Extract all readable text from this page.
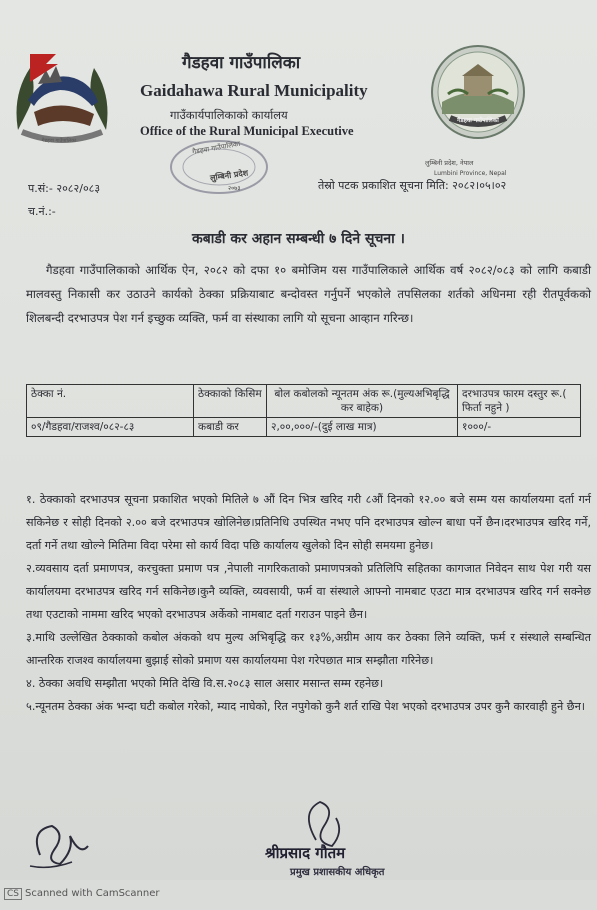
गैडहवा गाउँपालिका
गैडहवा गाउँपालिका
गैडहवा गाउँपालिका
Gaidahawa Rural Municipality
गाउँकार्यपालिकाको कार्यालय
Office of the Rural Municipal Executive
गैडहवा गाउँपालिका
लुम्बिनी प्रदेश
२०७३
लुम्बिनी प्रदेश, नेपाल
Lumbini Province, Nepal
प.सं:- २०८२/०८३	तेस्रो पटक प्रकाशित सूचना मिति: २०८२।०५।०२
च.नं.:-
कबाडी कर अहान सम्बन्धी ७ दिने सूचना ।
गैडहवा गाउँपालिकाको आर्थिक ऐन, २०८२ को दफा १० बमोजिम यस गाउँपालिकाले आर्थिक वर्ष २०८२/०८३ को लागि कबाडी मालवस्तु निकासी कर उठाउने कार्यको ठेक्का प्रक्रियाबाट बन्दोवस्त गर्नुपर्ने भएकोले तपसिलका शर्तको अधिनमा रही रीतपूर्वकको शिलबन्दी दरभाउपत्र पेश गर्न इच्छुक व्यक्ति, फर्म वा संस्थाका लागि यो सूचना आव्हान गरिन्छ।
ठेक्का नं.	ठेक्काको किसिम	बोल कबोलको न्यूनतम अंक रू.(मुल्यअभिबृद्धि कर बाहेक)	दरभाउपत्र फारम दस्तुर रू.( फिर्ता नहुने )
०९/गैडहवा/राजश्व/०८२-८३	कबाडी कर	२,००,०००/-(दुई लाख मात्र)	१०००/-

१. ठेक्काको दरभाउपत्र सूचना प्रकाशित भएको मितिले ७ औं दिन भित्र खरिद गरी ८औं दिनको १२.०० बजे सम्म यस कार्यालयमा दर्ता गर्न सकिनेछ र सोही दिनको २.०० बजे दरभाउपत्र खोलिनेछ।प्रतिनिधि उपस्थित नभए पनि दरभाउपत्र खोल्न बाधा पर्ने छैन।दरभाउपत्र खरिद गर्ने, दर्ता गर्ने तथा खोल्ने मितिमा विदा परेमा सो कार्य विदा पछि कार्यालय खुलेको दिन सोही समयमा हुनेछ।

२.व्यवसाय दर्ता प्रमाणपत्र, करचुक्ता प्रमाण पत्र ,नेपाली नागरिकताको प्रमाणपत्रको प्रतिलिपि सहितका कागजात निवेदन साथ पेश गरी यस कार्यालयमा दरभाउपत्र खरिद गर्न सकिनेछ।कुनै व्यक्ति, व्यवसायी, फर्म वा संस्थाले आफ्नो नामबाट एउटा मात्र दरभाउपत्र खरिद गर्न सक्नेछ तथा एउटाको नाममा खरिद भएको दरभाउपत्र अर्केको नामबाट दर्ता गराउन पाइने छैन।

३.माथि उल्लेखित ठेक्काको कबोल अंकको थप मुल्य अभिबृद्धि कर १३%,अग्रीम आय कर ठेक्का लिने व्यक्ति, फर्म र संस्थाले सम्बन्धित आन्तरिक राजश्व कार्यालयमा बुझाई सोको प्रमाण यस कार्यालयमा पेश गरेपछात मात्र सम्झौता गरिनेछ।

४. ठेक्का अवधि सम्झौता भएको मिति देखि वि.स.२०८३ साल असार मसान्त सम्म रहनेछ।

५.न्यूनतम ठेक्का अंक भन्दा घटी कबोल गरेको, म्याद नाघेको, रित नपुगेको कुनै शर्त राखि पेश भएको दरभाउपत्र उपर कुनै कारवाही हुने छैन।

श्रीप्रसाद गौतम
प्रमुख प्रशासकीय अधिकृत
CS Scanned with CamScanner
